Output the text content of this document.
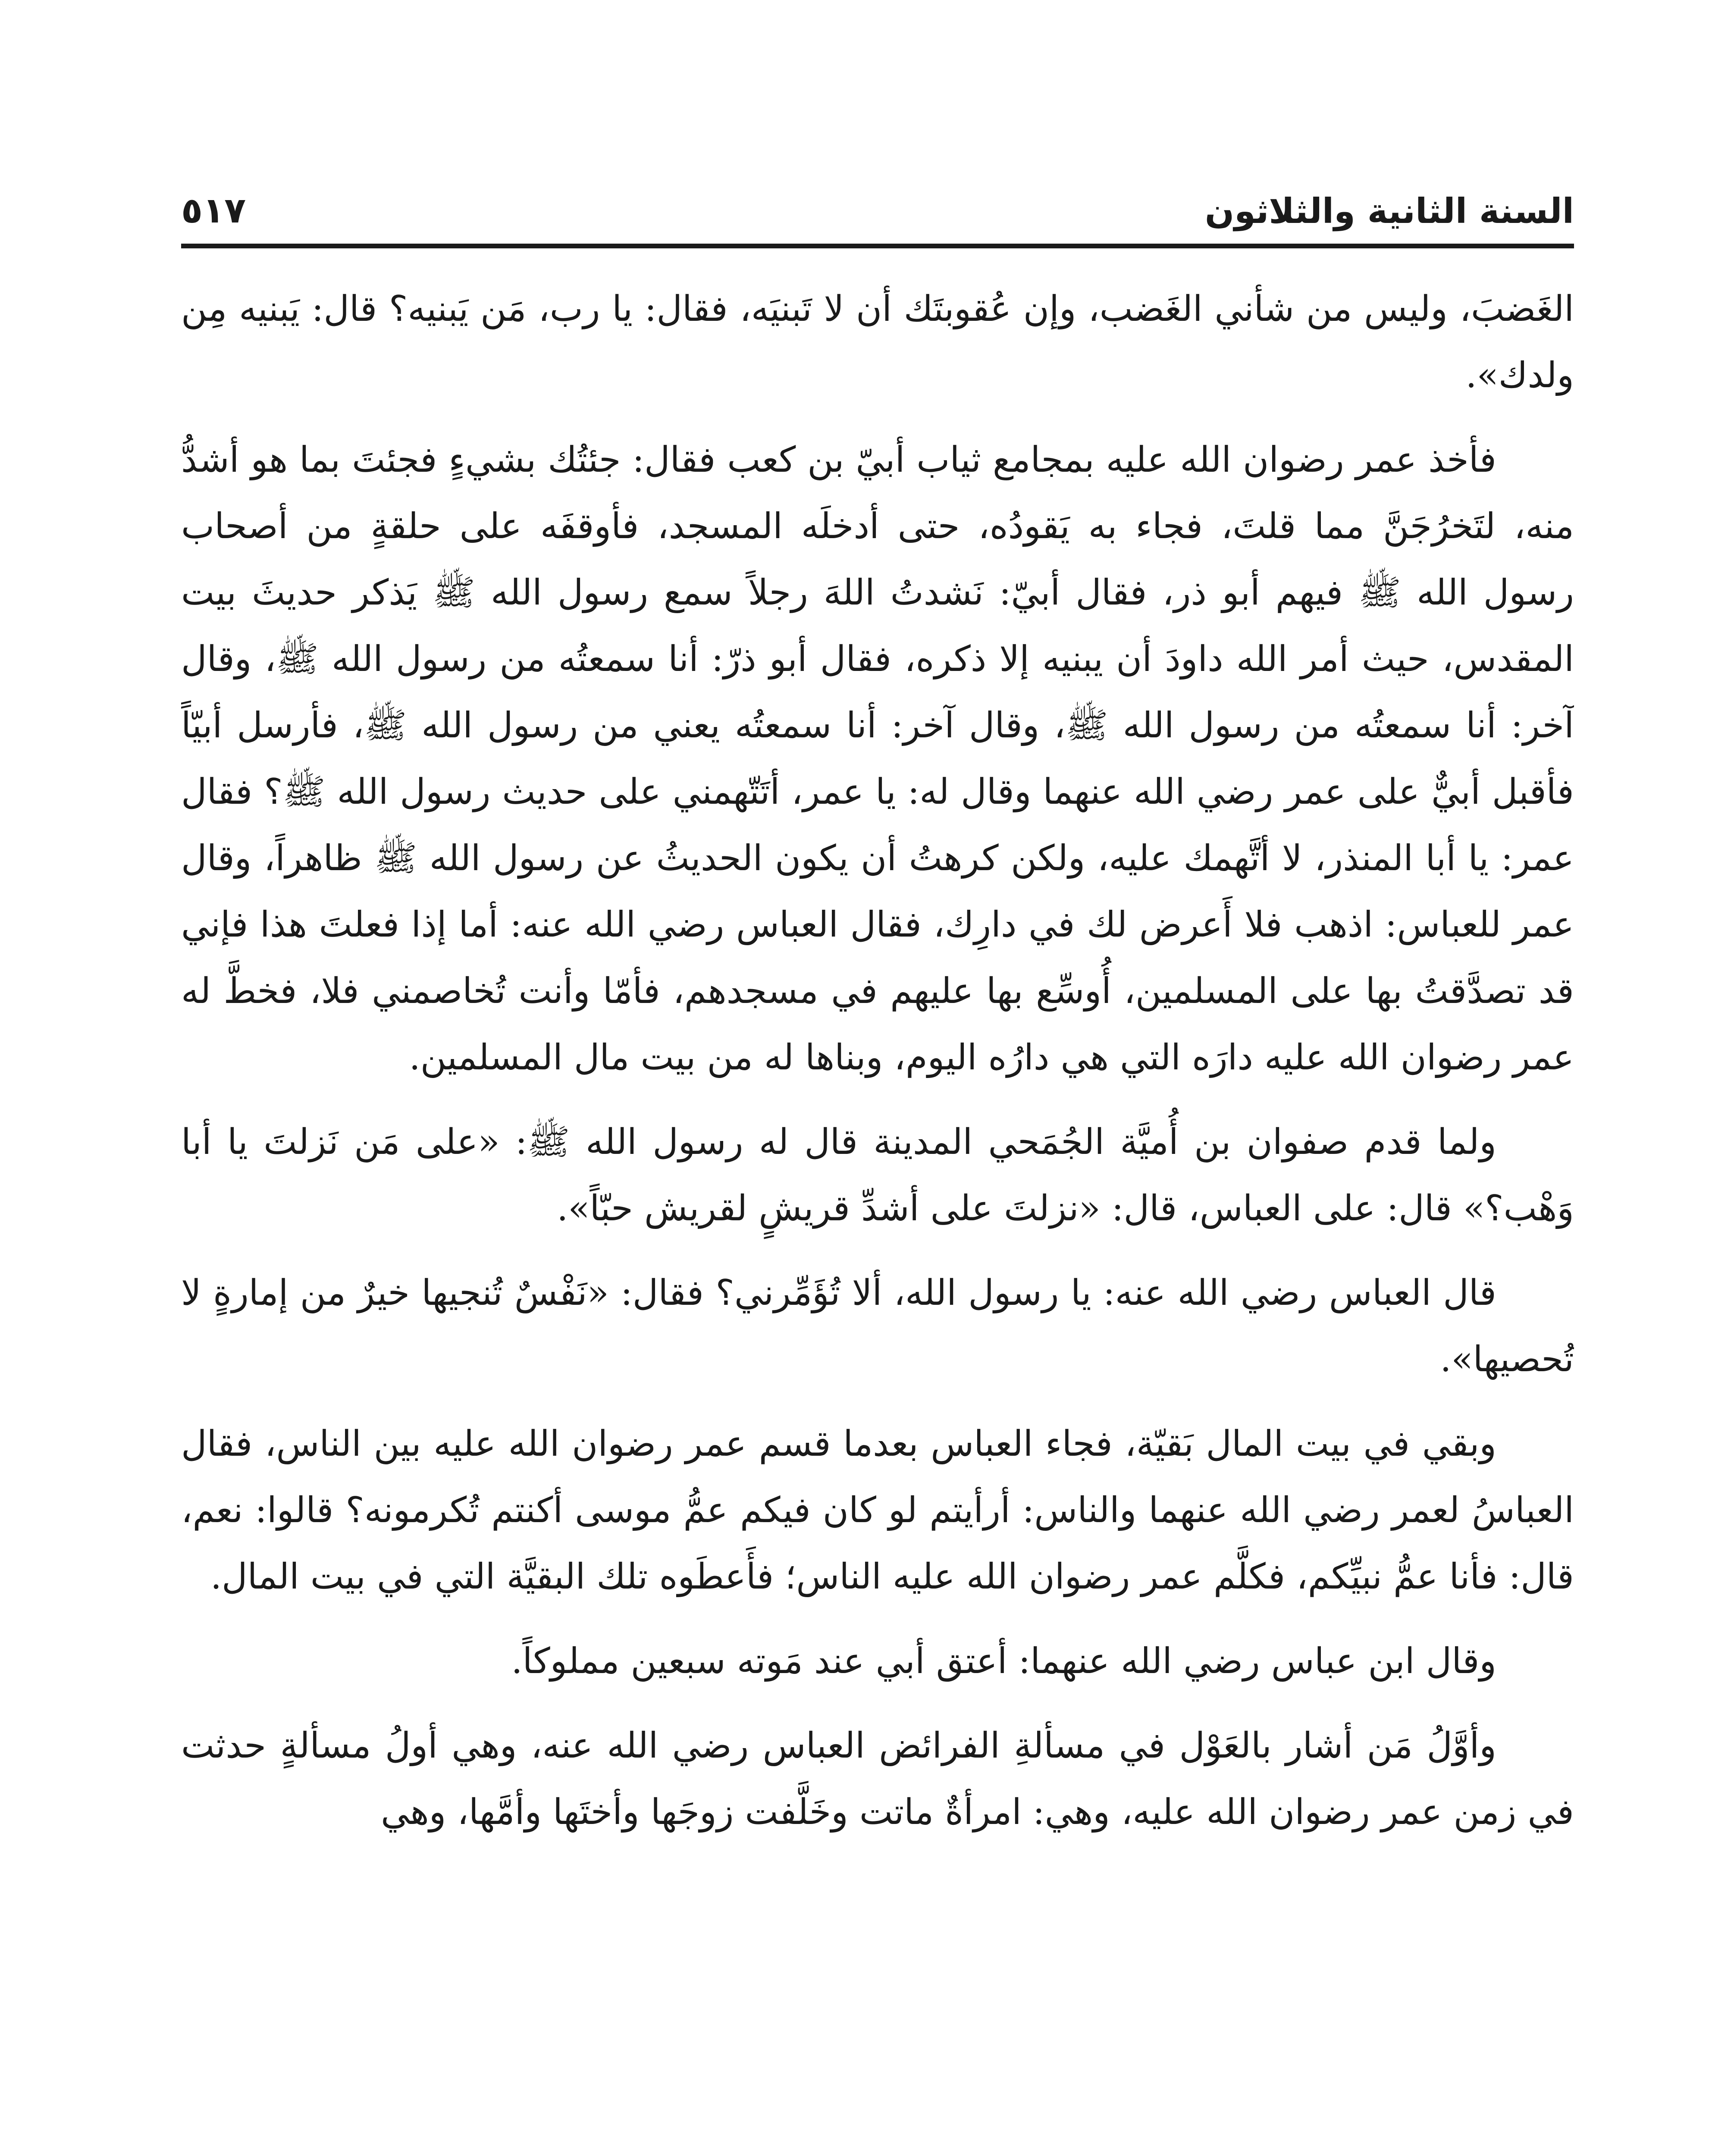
السنة الثانية والثلاثون
٥١٧

الغَضبَ، وليس من شأني الغَضب، وإن عُقوبتَك أن لا تَبنيَه، فقال: يا رب، مَن يَبنيه؟ قال: يَبنيه مِن ولدك».

فأخذ عمر رضوان الله عليه بمجامع ثياب أبيّ بن كعب فقال: جئتُك بشيءٍ فجئتَ بما هو أشدُّ منه، لتَخرُجَنَّ مما قلتَ، فجاء به يَقودُه، حتى أدخلَه المسجد، فأوقفَه على حلقةٍ من أصحاب رسول الله ﷺ فيهم أبو ذر، فقال أبيّ: نَشدتُ اللهَ رجلاً سمع رسول الله ﷺ يَذكر حديثَ بيت المقدس، حيث أمر الله داودَ أن يبنيه إلا ذكره، فقال أبو ذرّ: أنا سمعتُه من رسول الله ﷺ، وقال آخر: أنا سمعتُه من رسول الله ﷺ، وقال آخر: أنا سمعتُه يعني من رسول الله ﷺ، فأرسل أبيّاً فأقبل أبيٌّ على عمر رضي الله عنهما وقال له: يا عمر، أتَتّهمني على حديث رسول الله ﷺ؟ فقال عمر: يا أبا المنذر، لا أتَّهمك عليه، ولكن كرهتُ أن يكون الحديثُ عن رسول الله ﷺ ظاهراً، وقال عمر للعباس: اذهب فلا أَعرض لك في دارِك، فقال العباس رضي الله عنه: أما إذا فعلتَ هذا فإني قد تصدَّقتُ بها على المسلمين، أُوسِّع بها عليهم في مسجدهم، فأمّا وأنت تُخاصمني فلا، فخطَّ له عمر رضوان الله عليه دارَه التي هي دارُه اليوم، وبناها له من بيت مال المسلمين.

ولما قدم صفوان بن أُميَّة الجُمَحي المدينة قال له رسول الله ﷺ: «على مَن نَزلتَ يا أبا وَهْب؟» قال: على العباس، قال: «نزلتَ على أشدِّ قريشٍ لقريش حبّاً».

قال العباس رضي الله عنه: يا رسول الله، ألا تُؤَمِّرني؟ فقال: «نَفْسٌ تُنجيها خيرٌ من إمارةٍ لا تُحصيها».

وبقي في بيت المال بَقيّة، فجاء العباس بعدما قسم عمر رضوان الله عليه بين الناس، فقال العباسُ لعمر رضي الله عنهما والناس: أرأيتم لو كان فيكم عمُّ موسى أكنتم تُكرمونه؟ قالوا: نعم، قال: فأنا عمُّ نبيِّكم، فكلَّم عمر رضوان الله عليه الناس؛ فأَعطَوه تلك البقيَّة التي في بيت المال.

وقال ابن عباس رضي الله عنهما: أعتق أبي عند مَوته سبعين مملوكاً.

وأوَّلُ مَن أشار بالعَوْل في مسألةِ الفرائض العباس رضي الله عنه، وهي أولُ مسألةٍ حدثت في زمن عمر رضوان الله عليه، وهي: امرأةٌ ماتت وخَلَّفت زوجَها وأختَها وأمَّها، وهي
